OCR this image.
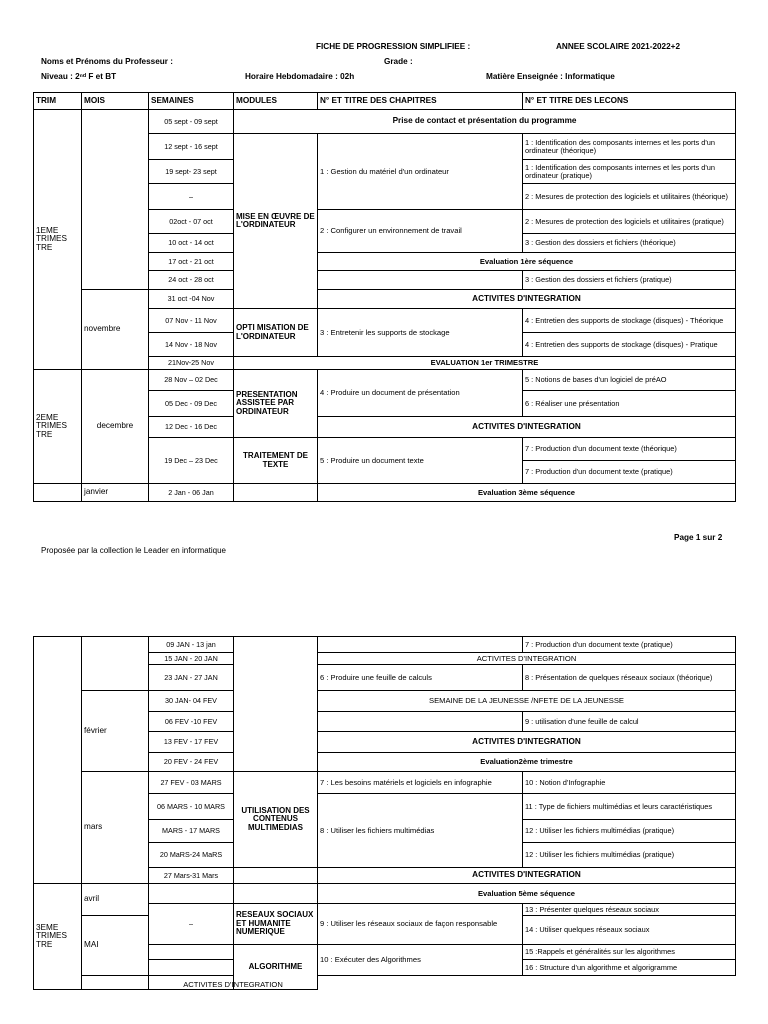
FICHE DE PROGRESSION SIMPLIFIEE :	ANNEE SCOLAIRE 2021-2022+2
Noms et Prénoms du Professeur :	Grade :
Niveau : 2ⁿᵈ F et BT	Horaire Hebdomadaire : 02h	Matière Enseignée : Informatique
TRIM	MOIS	SEMAINES	MODULES	N° ET TITRE DES CHAPITRES	N° ET TITRE DES LECONS
1EME TRIMES TRE		05 sept - 09 sept	Prise de contact et présentation du programme		
		12 sept - 16 sept	MISE EN ŒUVRE DE L'ORDINATEUR	1 : Gestion du matériel d'un ordinateur	1 : Identification des composants internes et les ports d'un ordinateur (théorique)
		19 sept- 23 sept			1 : Identification des composants internes et les ports d'un ordinateur (pratique)
		–			2 : Mesures de protection des logiciels et utilitaires (théorique)
		02oct - 07 oct		2 : Configurer un environnement de travail	2 : Mesures de protection des logiciels et utilitaires (pratique)
		10 oct - 14 oct			3 : Gestion des dossiers et fichiers (théorique)
		17 oct - 21 oct		Evaluation 1ère séquence	
		24 oct - 28 oct			3 : Gestion des dossiers et fichiers (pratique)
	novembre	31 oct -04 Nov		ACTIVITES D'INTEGRATION	
		07 Nov - 11 Nov	OPTI MISATION DE L'ORDINATEUR	3 : Entretenir les supports de stockage	4 : Entretien des supports de stockage (disques) - Théorique
		14 Nov - 18 Nov			4 : Entretien des supports de stockage (disques) - Pratique
		21Nov-25 Nov	EVALUATION 1er TRIMESTRE		
2EME TRIMES TRE	decembre	28 Nov – 02 Dec	PRESENTATION ASSISTEE PAR ORDINATEUR	4 : Produire un document de présentation	5 : Notions de bases d'un logiciel de préAO
		05 Dec - 09 Dec			6 : Réaliser une présentation
		12 Dec - 16 Dec		ACTIVITES D'INTEGRATION	
		19 Dec – 23 Dec	TRAITEMENT DE TEXTE	5 : Produire un document texte	7 : Production d'un document texte (théorique)
					7 : Production d'un document texte (pratique)
	janvier	2 Jan - 06 Jan		Evaluation 3ème séquence	
Page 1 sur 2
Proposée par la collection le Leader en informatique
		09 JAN - 13 jan			7 : Production d'un document texte (pratique)
		15 JAN - 20 JAN		ACTIVITES D'INTEGRATION	
		23 JAN - 27 JAN		6 : Produire une feuille de calculs	8 : Présentation de quelques réseaux sociaux (théorique)
	février	30 JAN- 04 FEV		SEMAINE DE LA JEUNESSE /NFETE DE LA JEUNESSE	
		06 FEV -10 FEV			9 : utilisation d'une feuille de calcul
		13 FEV - 17 FEV		ACTIVITES D'INTEGRATION	
		20 FEV - 24 FEV		Evaluation2ème trimestre	
	mars	27 FEV - 03 MARS	UTILISATION DES CONTENUS MULTIMEDIAS	7 : Les besoins matériels et logiciels en infographie	10 : Notion d'Infographie
		06 MARS - 10 MARS		8 : Utiliser les fichiers multimédias	11 : Type de fichiers multimédias et leurs caractéristiques
		MARS - 17 MARS			12 : Utiliser les fichiers multimédias (pratique)
		20 MaRS-24 MaRS			12 : Utiliser les fichiers multimédias (pratique)
		27 Mars-31 Mars		ACTIVITES D'INTEGRATION	
3EME TRIMES TRE	avril			Evaluation 5ème séquence	
		–	RESEAUX SOCIAUX ET HUMANITE NUMERIQUE	9 : Utiliser les réseaux sociaux de façon responsable	13 : Présenter quelques réseaux sociaux
	MAI				14 : Utiliser quelques réseaux sociaux

			ALGORITHME	10 : Exécuter des Algorithmes	15 :Rappels et généralités sur les algorithmes
					16 : Structure d'un algorithme et algorigramme
		ACTIVITES D'INTEGRATION			
